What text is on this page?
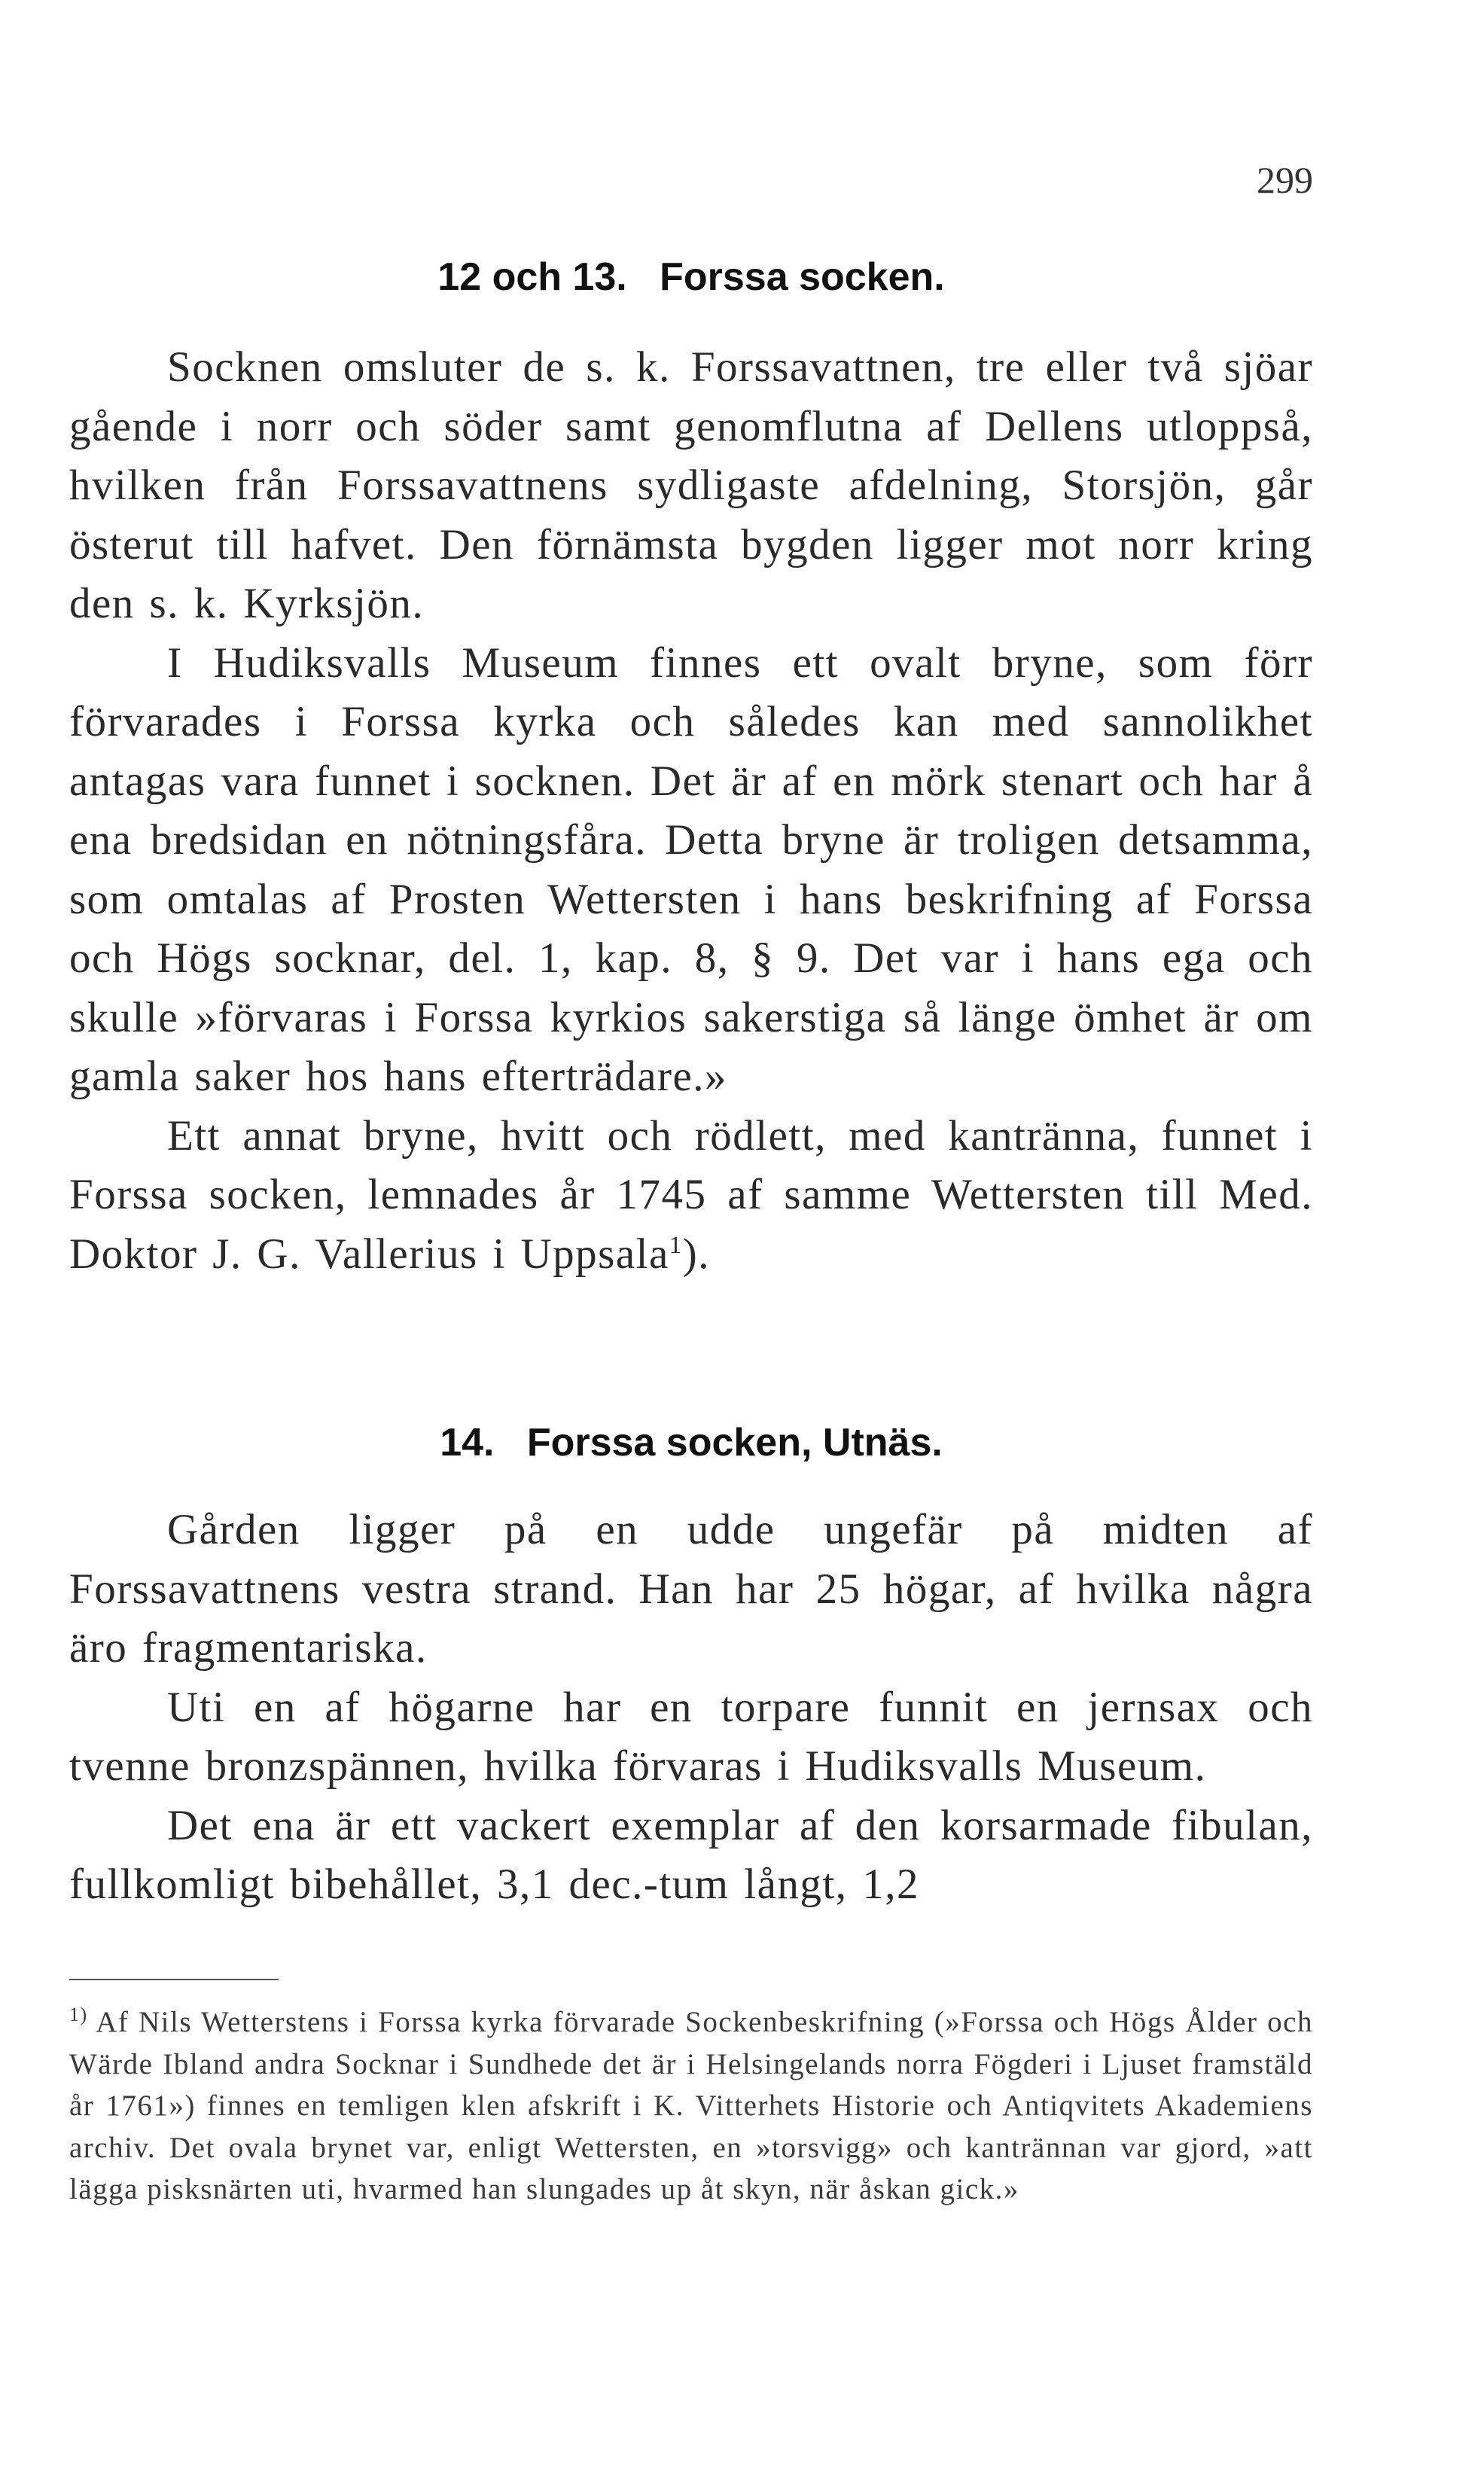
299
12 och 13.   Forssa socken.

Socknen omsluter de s. k. Forssavattnen, tre eller två sjöar gående i norr och söder samt genomflutna af Dellens utloppså, hvilken från Forssavattnens sydligaste afdelning, Storsjön, går österut till hafvet. Den förnämsta bygden ligger mot norr kring den s. k. Kyrksjön.

I Hudiksvalls Museum finnes ett ovalt bryne, som förr förvarades i Forssa kyrka och således kan med sannolikhet antagas vara funnet i socknen. Det är af en mörk stenart och har å ena bredsidan en nötningsfåra. Detta bryne är troligen detsamma, som omtalas af Prosten Wettersten i hans beskrifning af Forssa och Högs socknar, del. 1, kap. 8, § 9. Det var i hans ega och skulle »förvaras i Forssa kyrkios sakerstiga så länge ömhet är om gamla saker hos hans efterträdare.»

Ett annat bryne, hvitt och rödlett, med kantränna, funnet i Forssa socken, lemnades år 1745 af samme Wettersten till Med. Doktor J. G. Vallerius i Uppsala$^1$).

14.   Forssa socken, Utnäs.

Gården ligger på en udde ungefär på midten af Forssavattnens vestra strand. Han har 25 högar, af hvilka några äro fragmentariska.

Uti en af högarne har en torpare funnit en jernsax och tvenne bronzspännen, hvilka förvaras i Hudiksvalls Museum.

Det ena är ett vackert exemplar af den korsarmade fibulan, fullkomligt bibehållet, 3,1 dec.-tum långt, 1,2

$^{1)}$ Af Nils Wetterstens i Forssa kyrka förvarade Sockenbeskrifning (»Forssa och Högs Ålder och Wärde Ibland andra Socknar i Sundhede det är i Helsingelands norra Fögderi i Ljuset framstäld år 1761») finnes en temligen klen afskrift i K. Vitterhets Historie och Antiqvitets Akademiens archiv. Det ovala brynet var, enligt Wettersten, en »torsvigg» och kantrännan var gjord, »att lägga pisksnärten uti, hvarmed han slungades up åt skyn, när åskan gick.»
